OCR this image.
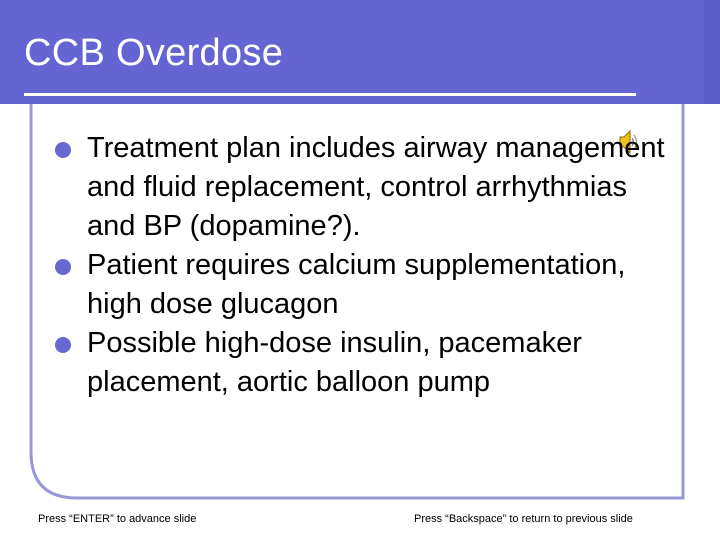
CCB Overdose
Treatment plan includes airway management and fluid replacement, control arrhythmias and BP (dopamine?).
Patient requires calcium supplementation, high dose glucagon
Possible high-dose insulin, pacemaker placement, aortic balloon pump
Press “ENTER” to advance slide	Press “Backspace” to return to previous slide
